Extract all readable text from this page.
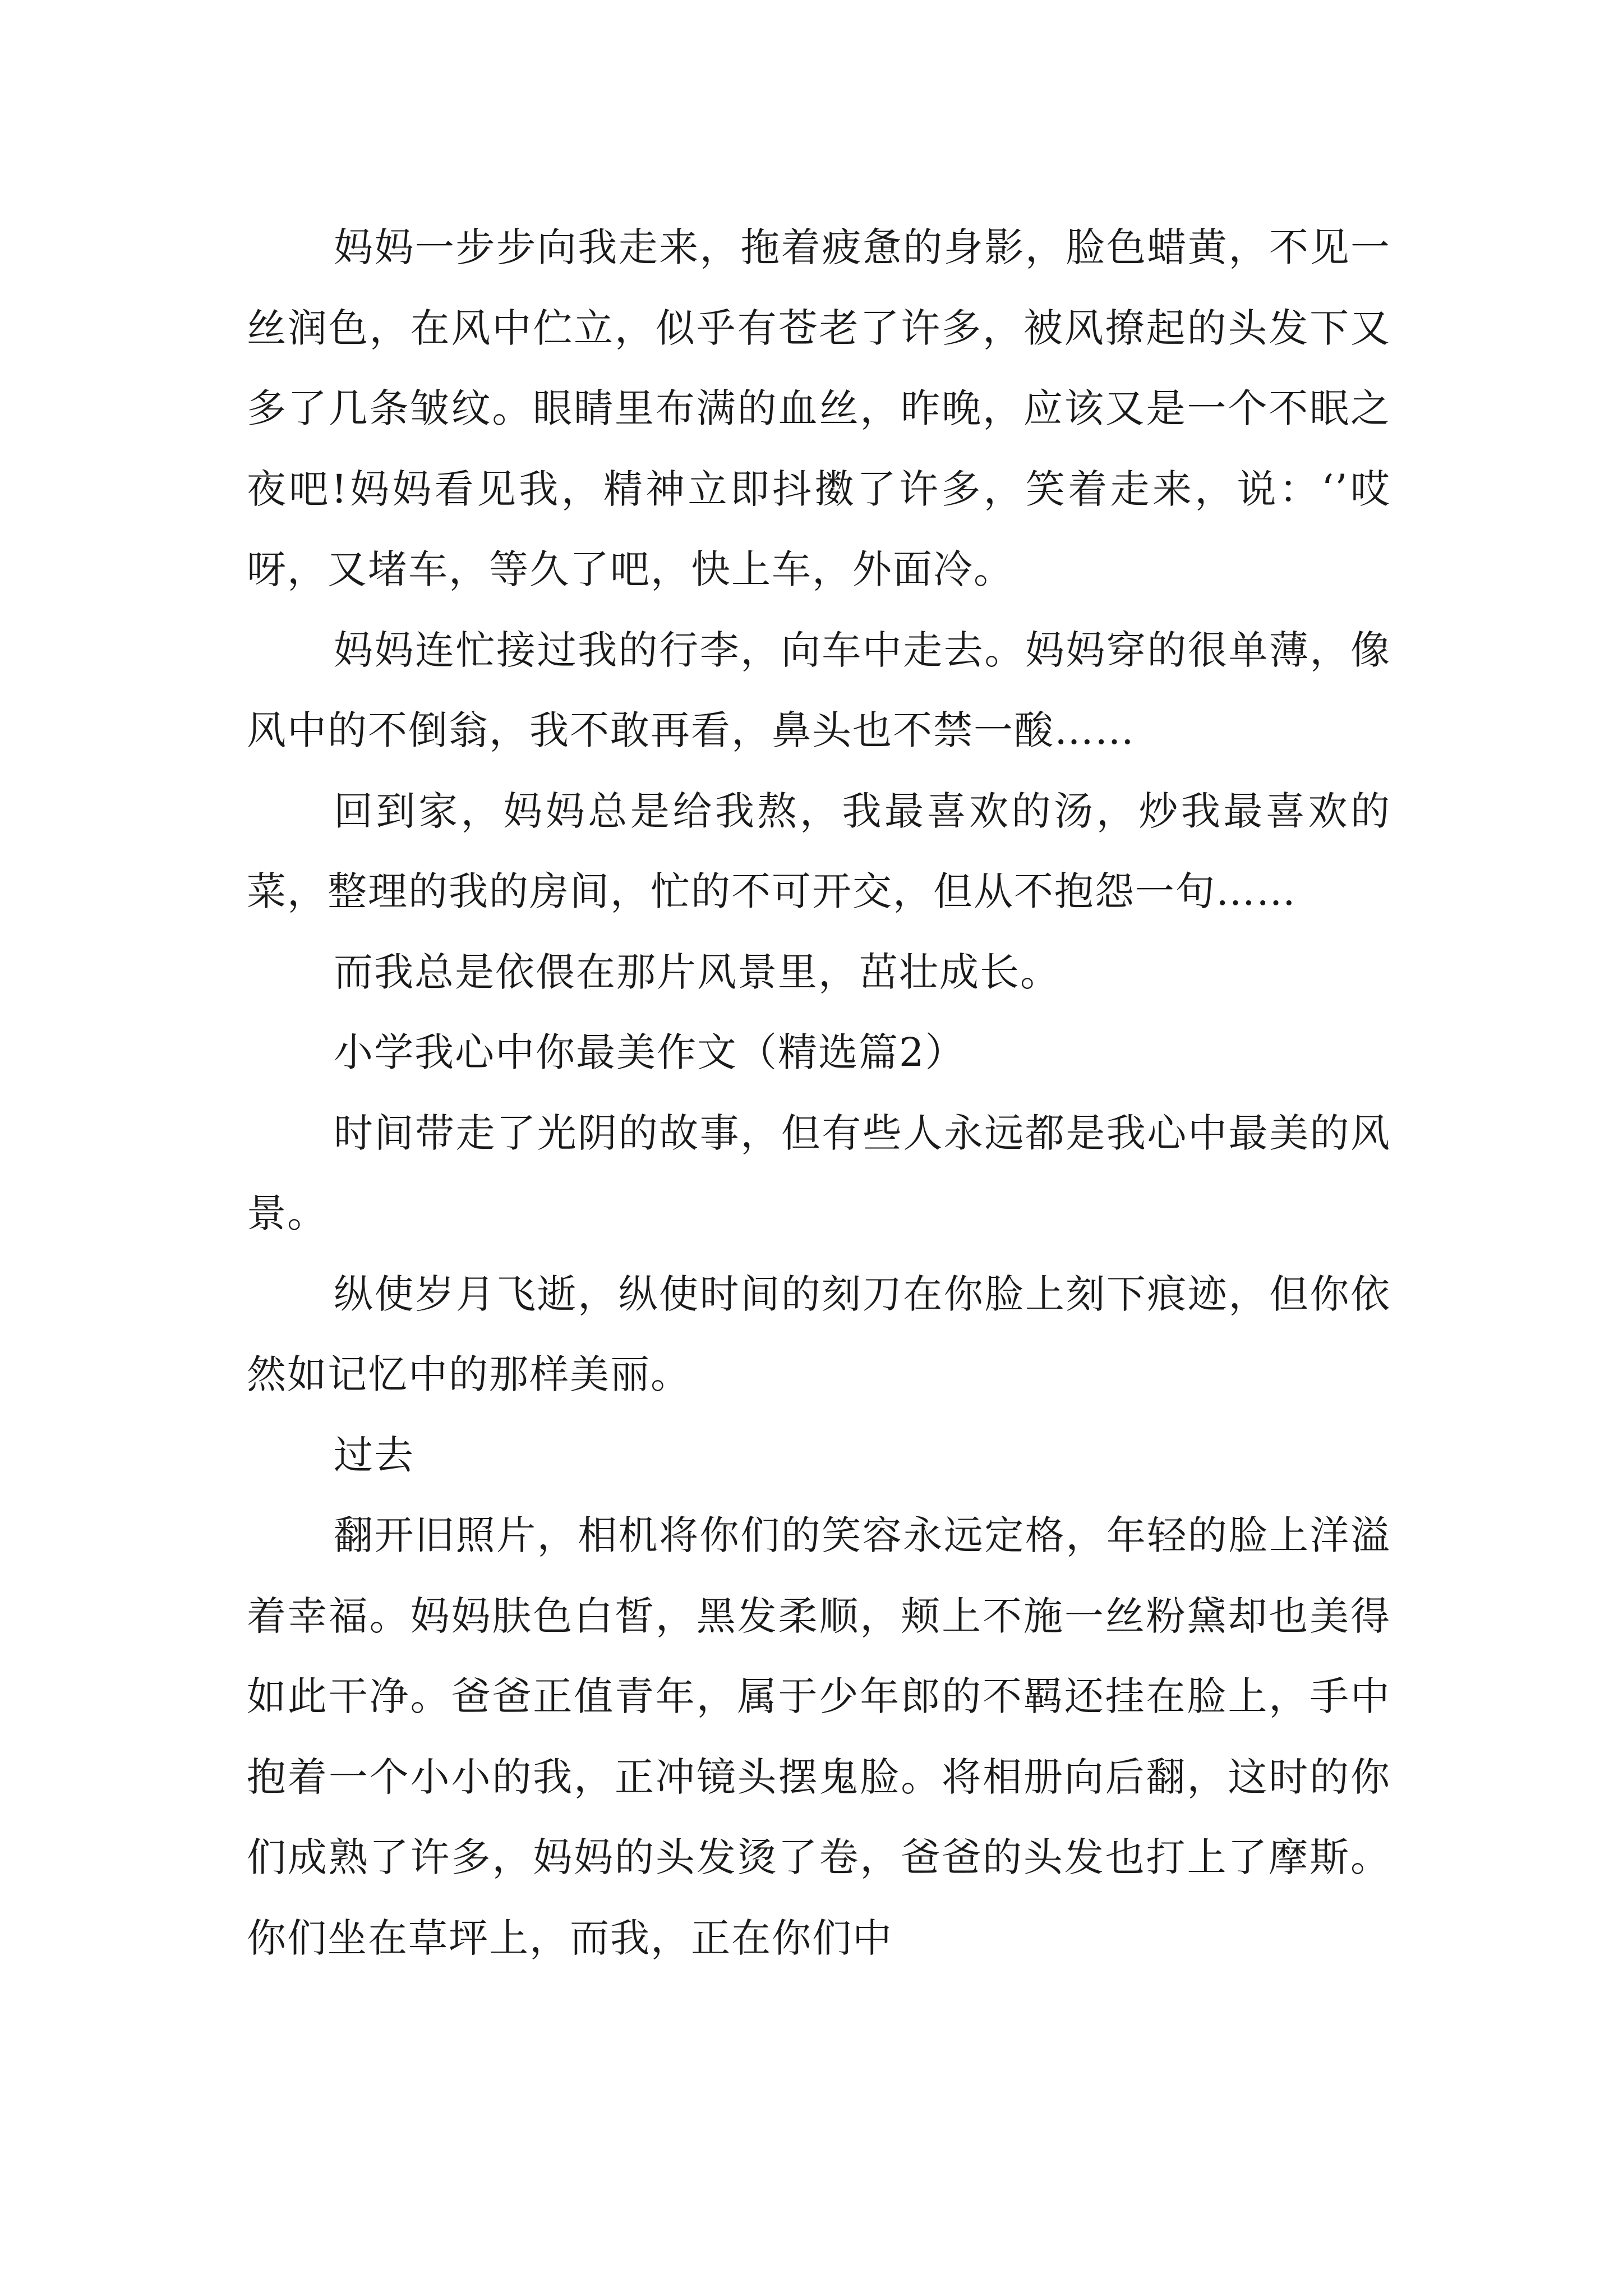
妈妈一步步向我走来，拖着疲惫的身影，脸色蜡黄，不见一丝润色，在风中伫立，似乎有苍老了许多，被风撩起的头发下又多了几条皱纹。眼睛里布满的血丝，昨晚，应该又是一个不眠之夜吧!妈妈看见我，精神立即抖擞了许多，笑着走来，说：‘’哎呀，又堵车，等久了吧，快上车，外面冷。

妈妈连忙接过我的行李，向车中走去。妈妈穿的很单薄，像风中的不倒翁，我不敢再看，鼻头也不禁一酸……

回到家，妈妈总是给我熬，我最喜欢的汤，炒我最喜欢的菜，整理的我的房间，忙的不可开交，但从不抱怨一句……

而我总是依偎在那片风景里，茁壮成长。

小学我心中你最美作文（精选篇2）

时间带走了光阴的故事，但有些人永远都是我心中最美的风景。

纵使岁月飞逝，纵使时间的刻刀在你脸上刻下痕迹，但你依然如记忆中的那样美丽。

过去

翻开旧照片，相机将你们的笑容永远定格，年轻的脸上洋溢着幸福。妈妈肤色白皙，黑发柔顺，颊上不施一丝粉黛却也美得如此干净。爸爸正值青年，属于少年郎的不羁还挂在脸上，手中抱着一个小小的我，正冲镜头摆鬼脸。将相册向后翻，这时的你们成熟了许多，妈妈的头发烫了卷，爸爸的头发也打上了摩斯。你们坐在草坪上，而我，正在你们中
